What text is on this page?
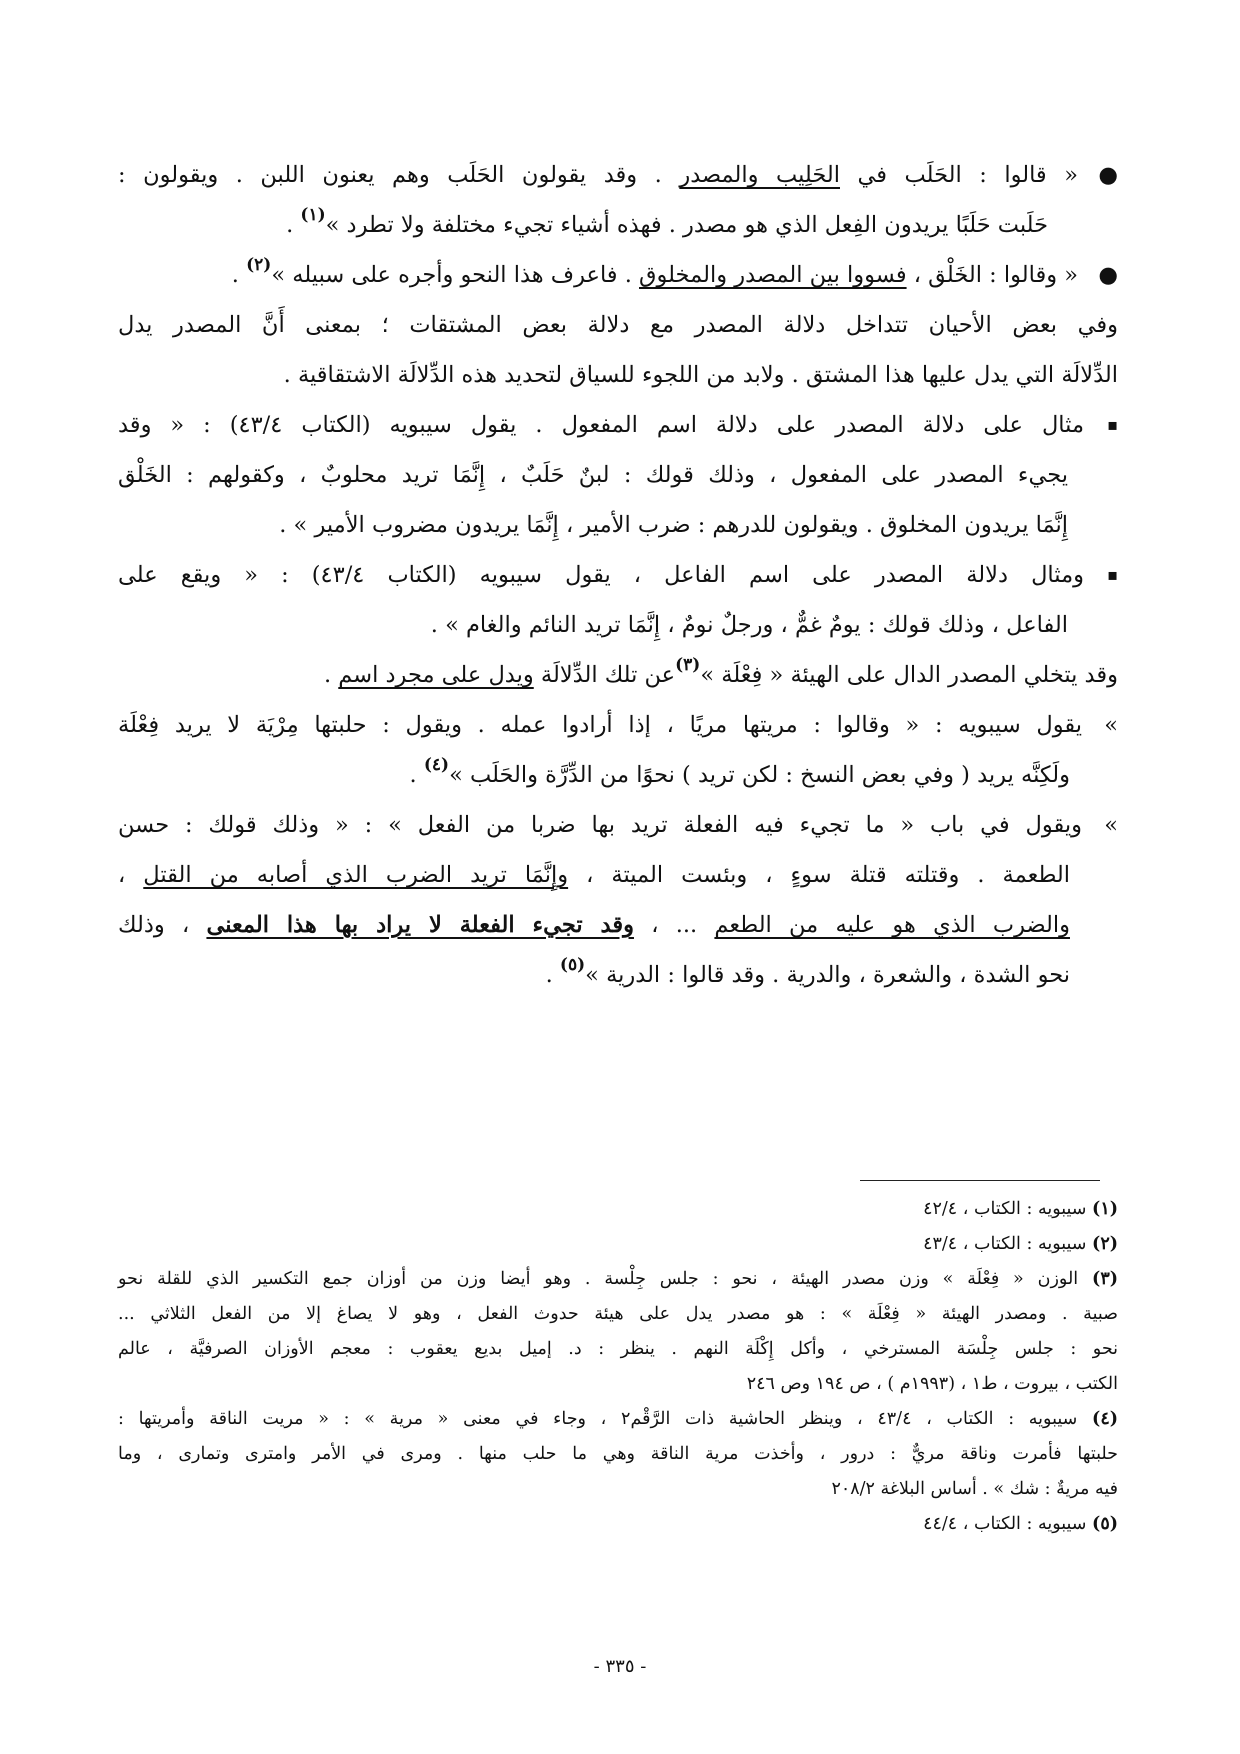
●« قالوا : الحَلَب في الحَلِيب والمصدر . وقد يقولون الحَلَب وهم يعنون اللبن . ويقولون :
حَلَبت حَلَبًا يريدون الفِعل الذي هو مصدر . فهذه أشياء تجيء مختلفة ولا تطرد »$^{(١)}$ .
●« وقالوا : الخَلْق ، فسووا بين المصدر والمخلوق . فاعرف هذا النحو وأجره على سبيله »$^{(٢)}$ .
وفي بعض الأحيان تتداخل دلالة المصدر مع دلالة بعض المشتقات ؛ بمعنى أَنَّ المصدر يدل
الدِّلالَة التي يدل عليها هذا المشتق . ولابد من اللجوء للسياق لتحديد هذه الدِّلالَة الاشتقاقية .
▪مثال على دلالة المصدر على دلالة اسم المفعول . يقول سيبويه (الكتاب ٤٣/٤) : « وقد
يجيء المصدر على المفعول ، وذلك قولك : لبنٌ حَلَبٌ ، إِنَّمَا تريد محلوبٌ ، وكقولهم : الخَلْق
إِنَّمَا يريدون المخلوق . ويقولون للدرهم : ضرب الأمير ، إِنَّمَا يريدون مضروب الأمير » .
▪ومثال دلالة المصدر على اسم الفاعل ، يقول سيبويه (الكتاب ٤٣/٤) : « ويقع على
الفاعل ، وذلك قولك : يومٌ غمٌّ ، ورجلٌ نومٌ ، إِنَّمَا تريد النائم والغام » .
وقد يتخلي المصدر الدال على الهيئة « فِعْلَة »$^{(٣)}$عن تلك الدِّلالَة ويدل على مجرد اسم .
»يقول سيبويه : « وقالوا : مريتها مريًا ، إذا أرادوا عمله . ويقول : حلبتها مِرْيَة لا يريد فِعْلَة
ولَكِنَّه يريد ( وفي بعض النسخ : لكن تريد ) نحوًا من الدِّرَّة والحَلَب »$^{(٤)}$ .
»ويقول في باب « ما تجيء فيه الفعلة تريد بها ضربا من الفعل » : « وذلك قولك : حسن
الطعمة . وقتلته قتلة سوءٍ ، وبئست الميتة ، وإِنَّمَا تريد الضرب الذي أصابه من القتل ،
والضرب الذي هو عليه من الطعم ... ، وقد تجيء الفعلة لا يراد بها هذا المعنى ، وذلك
نحو الشدة ، والشعرة ، والدرية . وقد قالوا : الدرية »$^{(٥)}$ .
(١) سيبويه : الكتاب ، ٤٢/٤
(٢) سيبويه : الكتاب ، ٤٣/٤
(٣) الوزن « فِعْلَة » وزن مصدر الهيئة ، نحو : جلس جِلْسة . وهو أيضا وزن من أوزان جمع التكسير الذي للقلة نحو
صبية . ومصدر الهيئة « فِعْلَة » : هو مصدر يدل على هيئة حدوث الفعل ، وهو لا يصاغ إلا من الفعل الثلاثي ...
نحو : جلس جِلْسَة المسترخي ، وأكل إِكْلَة النهم . ينظر : د. إميل بديع يعقوب : معجم الأوزان الصرفيَّة ، عالم
الكتب ، بيروت ، ط١ ، (١٩٩٣م ) ، ص ١٩٤ وص ٢٤٦
(٤) سيبويه : الكتاب ، ٤٣/٤ ، وينظر الحاشية ذات الرَّقْم٢ ، وجاء في معنى « مرية » : « مريت الناقة وأمريتها :
حلبتها فأمرت وناقة مريٌّ : درور ، وأخذت مرية الناقة وهي ما حلب منها . ومرى في الأمر وامترى وتمارى ، وما
فيه مريةٌ : شك » . أساس البلاغة ٢٠٨/٢
(٥) سيبويه : الكتاب ، ٤٤/٤
- ٣٣٥ -
